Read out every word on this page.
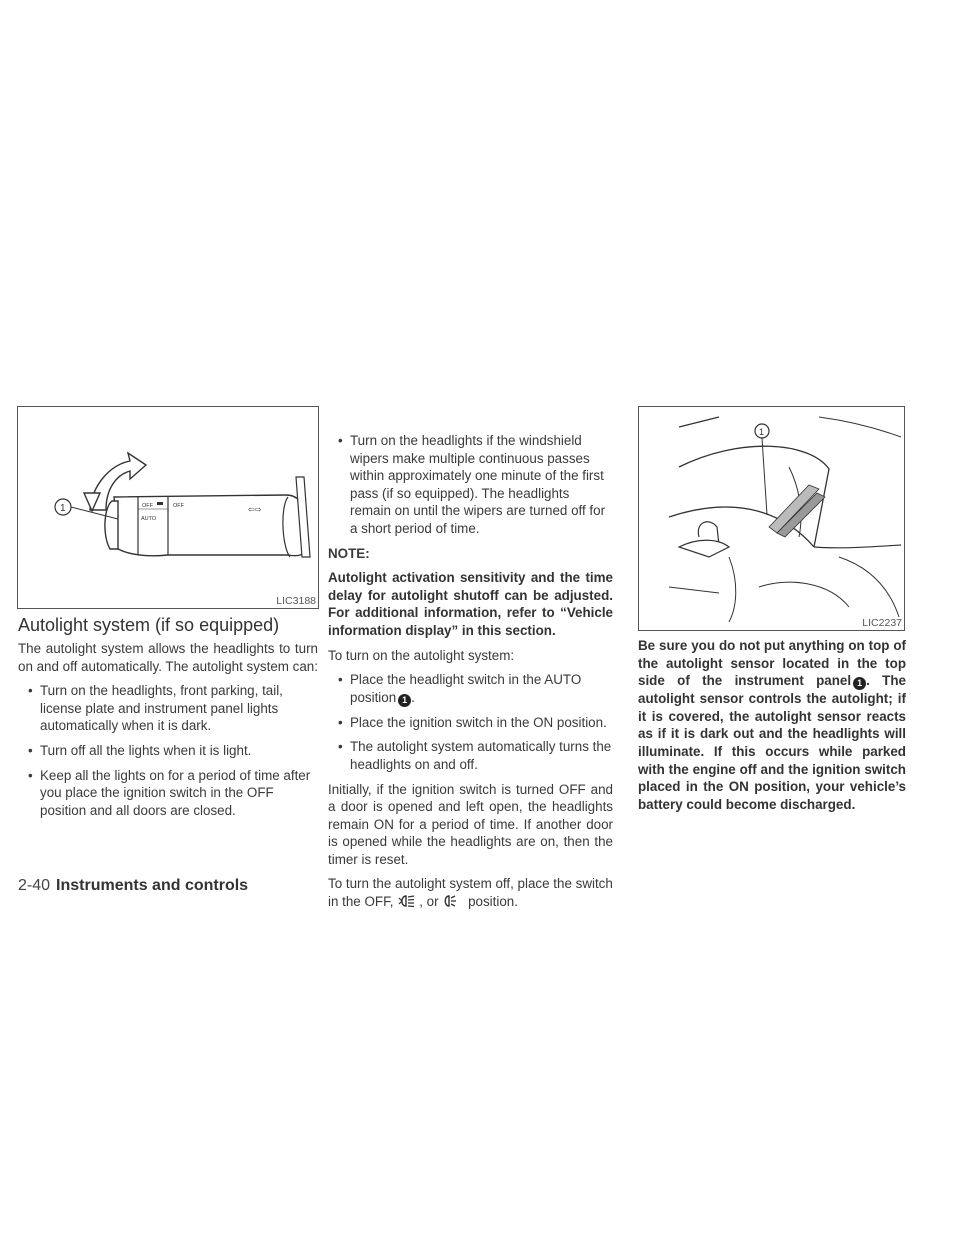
OFF	OFF
AUTO
⇦⇨
1
LIC3188
1
LIC2237
Autolight system (if so equipped)

The autolight system allows the headlights to turn on and off automatically. The autolight system can:

• Turn on the headlights, front parking, tail, license plate and instrument panel lights automatically when it is dark.
• Turn off all the lights when it is light.
• Keep all the lights on for a period of time after you place the ignition switch in the OFF position and all doors are closed.
• Turn on the headlights if the windshield wipers make multiple continuous passes within approximately one minute of the first pass (if so equipped). The headlights remain on until the wipers are turned off for a short period of time.

NOTE:

Autolight activation sensitivity and the time delay for autolight shutoff can be adjusted. For additional information, refer to “Vehicle information display” in this section.

To turn on the autolight system:

• Place the headlight switch in the AUTO position 1 .
• Place the ignition switch in the ON position.
• The autolight system automatically turns the headlights on and off.

Initially, if the ignition switch is turned OFF and a door is opened and left open, the headlights remain ON for a period of time. If another door is opened while the headlights are on, then the timer is reset.

To turn the autolight system off, place the switch in the OFF, , or position.

Be sure you do not put anything on top of the autolight sensor located in the top side of the instrument panel 1 . The autolight sensor controls the autolight; if it is covered, the autolight sensor reacts as if it is dark out and the headlights will illuminate. If this occurs while parked with the engine off and the ignition switch placed in the ON position, your vehicle’s battery could become discharged.

2-40 Instruments and controls
